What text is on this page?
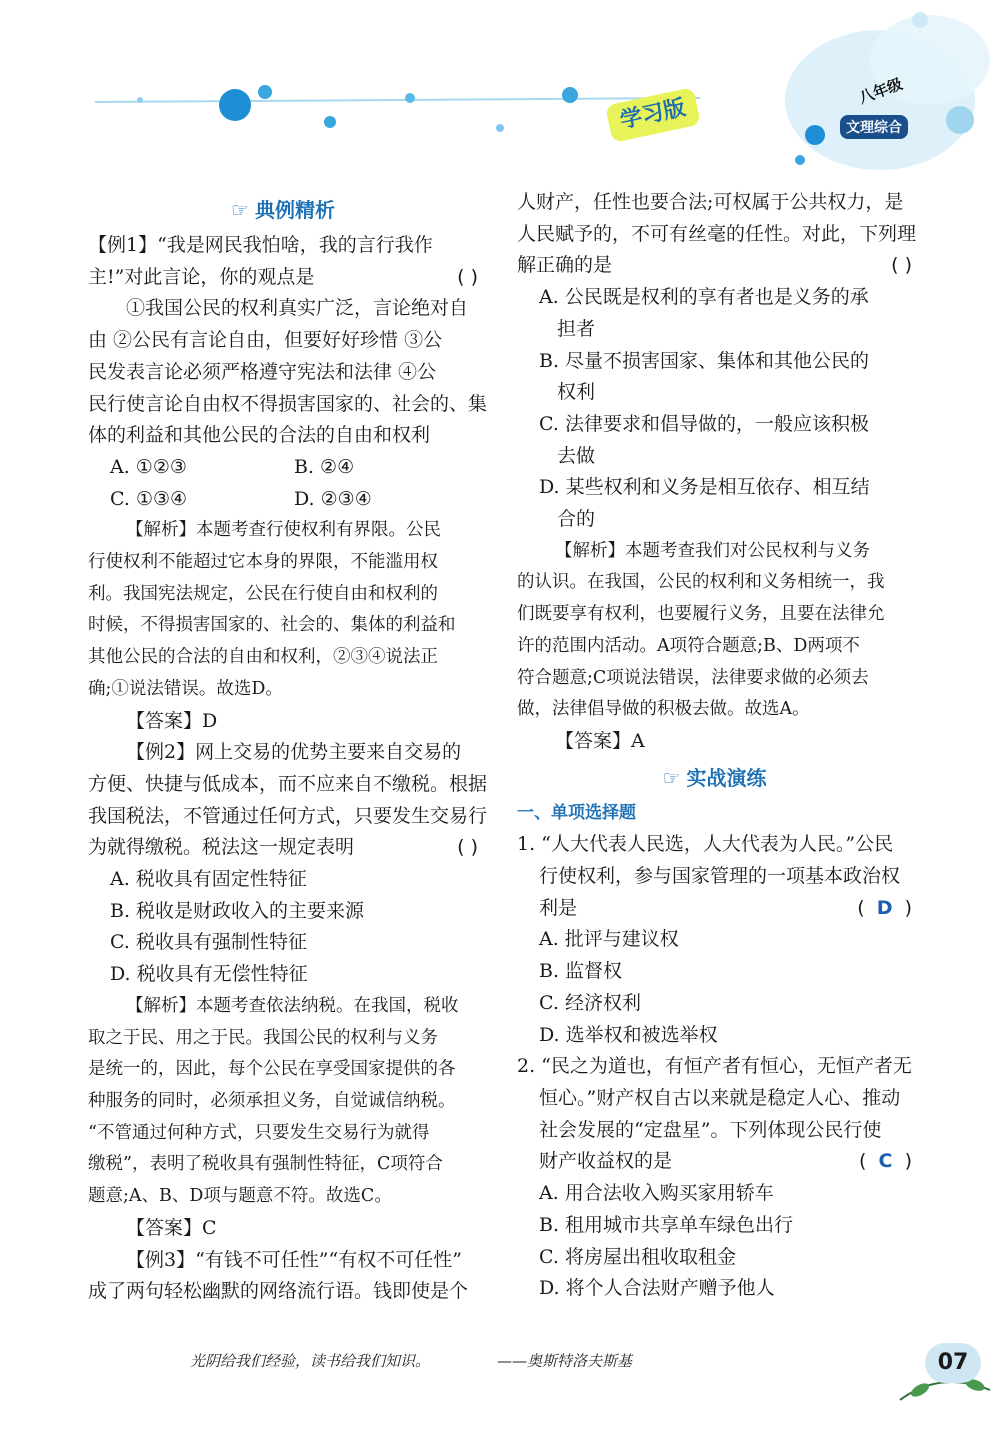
学习版
八年级
文理综合
☞ 典例精析
【例1】“我是网民我怕啥，我的言行我作
主!”对此言论，你的观点是	( )
①我国公民的权利真实广泛，言论绝对自
由 ②公民有言论自由，但要好好珍惜 ③公
民发表言论必须严格遵守宪法和法律 ④公
民行使言论自由权不得损害国家的、社会的、集
体的利益和其他公民的合法的自由和权利
A. ①②③	B. ②④
C. ①③④	D. ②③④
【解析】本题考查行使权利有界限。公民
行使权利不能超过它本身的界限，不能滥用权
利。我国宪法规定，公民在行使自由和权利的
时候，不得损害国家的、社会的、集体的利益和
其他公民的合法的自由和权利，②③④说法正
确;①说法错误。故选D。
【答案】D
【例2】网上交易的优势主要来自交易的
方便、快捷与低成本，而不应来自不缴税。根据
我国税法，不管通过任何方式，只要发生交易行
为就得缴税。税法这一规定表明	( )
A. 税收具有固定性特征
B. 税收是财政收入的主要来源
C. 税收具有强制性特征
D. 税收具有无偿性特征
【解析】本题考查依法纳税。在我国，税收
取之于民、用之于民。我国公民的权利与义务
是统一的，因此，每个公民在享受国家提供的各
种服务的同时，必须承担义务，自觉诚信纳税。
“不管通过何种方式，只要发生交易行为就得
缴税”，表明了税收具有强制性特征，C项符合
题意;A、B、D项与题意不符。故选C。
【答案】C
【例3】“有钱不可任性”“有权不可任性”
成了两句轻松幽默的网络流行语。钱即使是个
人财产，任性也要合法;可权属于公共权力，是
人民赋予的，不可有丝毫的任性。对此，下列理
解正确的是	( )
A. 公民既是权利的享有者也是义务的承
担者
B. 尽量不损害国家、集体和其他公民的
权利
C. 法律要求和倡导做的，一般应该积极
去做
D. 某些权利和义务是相互依存、相互结
合的
【解析】本题考查我们对公民权利与义务
的认识。在我国，公民的权利和义务相统一，我
们既要享有权利，也要履行义务，且要在法律允
许的范围内活动。A项符合题意;B、D两项不
符合题意;C项说法错误，法律要求做的必须去
做，法律倡导做的积极去做。故选A。
【答案】A
☞ 实战演练
一、单项选择题
1. “人大代表人民选，人大代表为人民。”公民
行使权利，参与国家管理的一项基本政治权
利是	(  D  )
A. 批评与建议权
B. 监督权
C. 经济权利
D. 选举权和被选举权
2. “民之为道也，有恒产者有恒心，无恒产者无
恒心。”财产权自古以来就是稳定人心、推动
社会发展的“定盘星”。下列体现公民行使
财产收益权的是	(  C  )
A. 用合法收入购买家用轿车
B. 租用城市共享单车绿色出行
C. 将房屋出租收取租金
D. 将个人合法财产赠予他人
光阴给我们经验，读书给我们知识。	——奥斯特洛夫斯基	07
